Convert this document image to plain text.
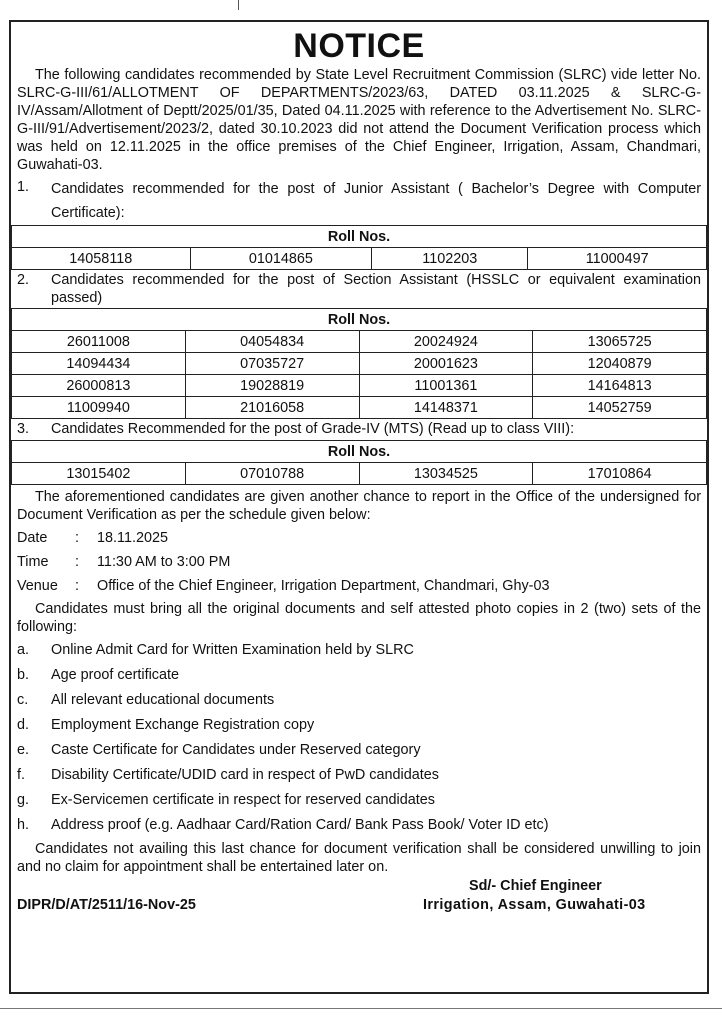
NOTICE

The following candidates recommended by State Level Recruitment Commission (SLRC) vide letter No. SLRC-G-III/61/ALLOTMENT OF DEPARTMENTS/2023/63, DATED 03.11.2025 & SLRC-G-IV/Assam/Allotment of Deptt/2025/01/35, Dated 04.11.2025 with reference to the Advertisement No. SLRC-G-III/91/Advertisement/2023/2, dated 30.10.2023 did not attend the Document Verification process which was held on 12.11.2025 in the office premises of the Chief Engineer, Irrigation, Assam, Chandmari, Guwahati-03.

1.	Candidates recommended for the post of Junior Assistant ( Bachelor’s Degree with Computer Certificate):
Roll Nos.
14058118	01014865	1102203	11000497
2.	Candidates recommended for the post of Section Assistant (HSSLC or equivalent examination passed)
Roll Nos.			
26011008	04054834	20024924	13065725
14094434	07035727	20001623	12040879
26000813	19028819	11001361	14164813
11009940	21016058	14148371	14052759
3.	Candidates Recommended for the post of Grade-IV (MTS) (Read up to class VIII):
Roll Nos.
13015402	07010788	13034525	17010864

The aforementioned candidates are given another chance to report in the Office of the undersigned for Document Verification as per the schedule given below:

Date	:	18.11.2025
Time	:	11:30 AM to 3:00 PM
Venue	:	Office of the Chief Engineer, Irrigation Department, Chandmari, Ghy-03

Candidates must bring all the original documents and self attested photo copies in 2 (two) sets of the following:

a.	Online Admit Card for Written Examination held by SLRC
b.	Age proof certificate
c.	All relevant educational documents
d.	Employment Exchange Registration copy
e.	Caste Certificate for Candidates under Reserved category
f.	Disability Certificate/UDID card in respect of PwD candidates
g.	Ex-Servicemen certificate in respect for reserved candidates
h.	Address proof (e.g. Aadhaar Card/Ration Card/ Bank Pass Book/ Voter ID etc)

Candidates not availing this last chance for document verification shall be considered unwilling to join and no claim for appointment shall be entertained later on.

Sd/- Chief Engineer
Irrigation, Assam, Guwahati-03
DIPR/D/AT/2511/16-Nov-25
